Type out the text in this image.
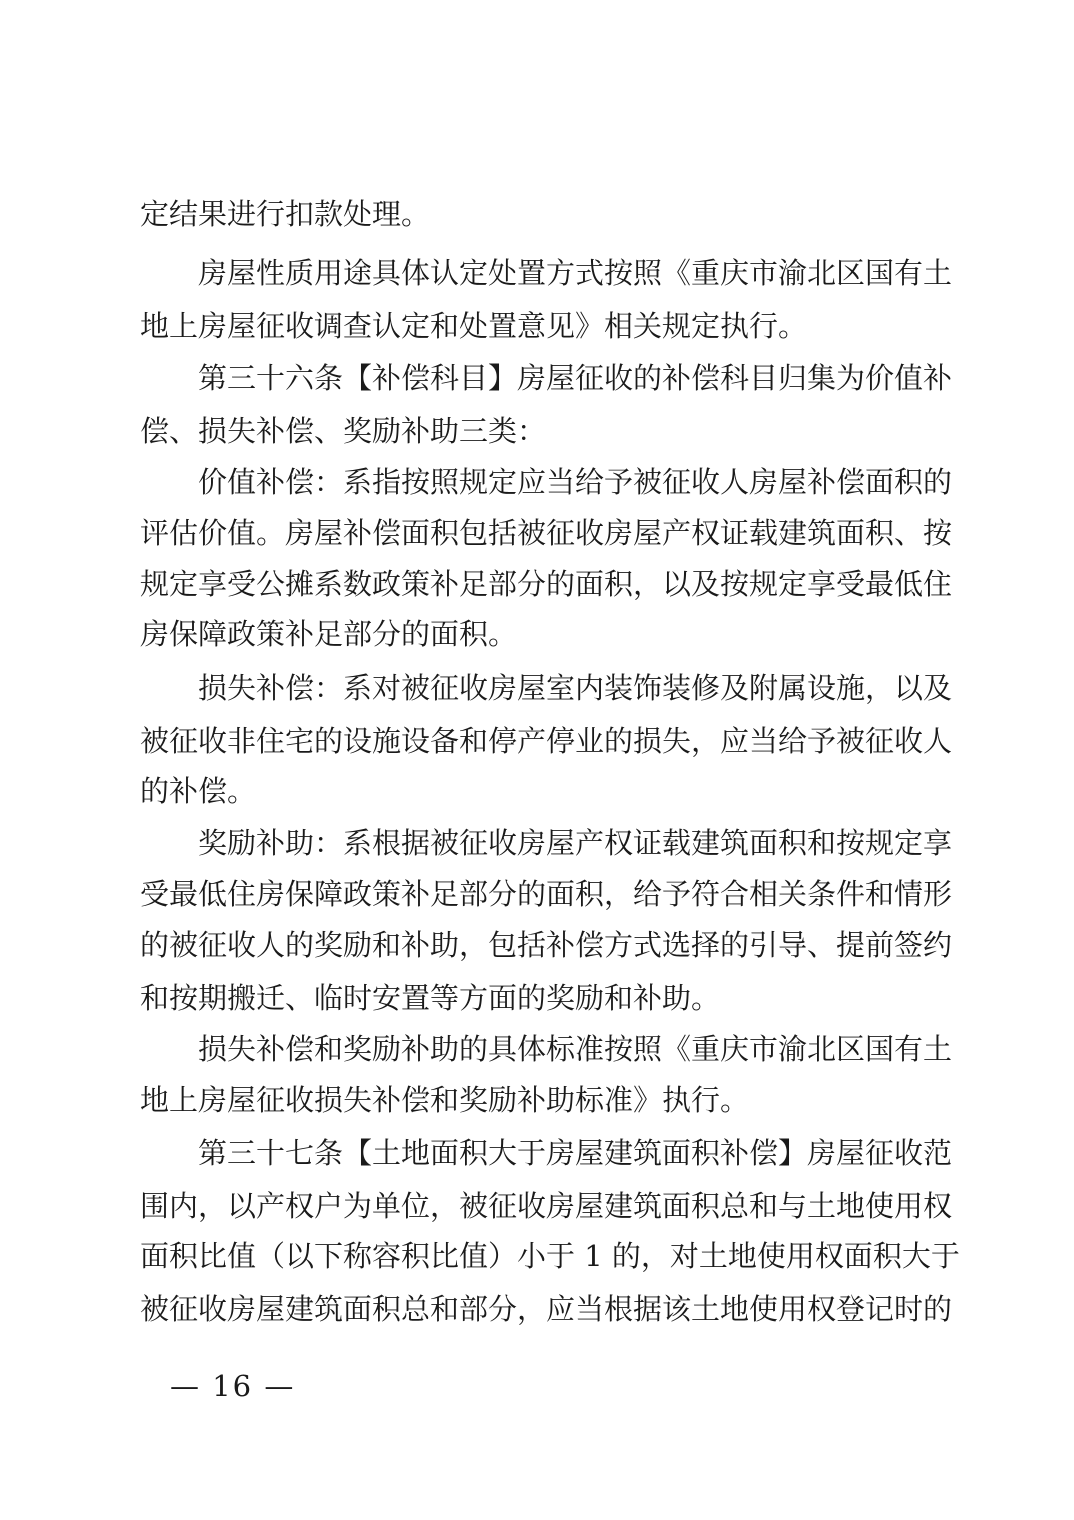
定结果进行扣款处理。
房屋性质用途具体认定处置方式按照《重庆市渝北区国有土
地上房屋征收调查认定和处置意见》相关规定执行。
第三十六条【补偿科目】房屋征收的补偿科目归集为价值补
偿、损失补偿、奖励补助三类：
价值补偿：系指按照规定应当给予被征收人房屋补偿面积的
评估价值。房屋补偿面积包括被征收房屋产权证载建筑面积、按
规定享受公摊系数政策补足部分的面积，以及按规定享受最低住
房保障政策补足部分的面积。
损失补偿：系对被征收房屋室内装饰装修及附属设施，以及
被征收非住宅的设施设备和停产停业的损失，应当给予被征收人
的补偿。
奖励补助：系根据被征收房屋产权证载建筑面积和按规定享
受最低住房保障政策补足部分的面积，给予符合相关条件和情形
的被征收人的奖励和补助，包括补偿方式选择的引导、提前签约
和按期搬迁、临时安置等方面的奖励和补助。
损失补偿和奖励补助的具体标准按照《重庆市渝北区国有土
地上房屋征收损失补偿和奖励补助标准》执行。
第三十七条【土地面积大于房屋建筑面积补偿】房屋征收范
围内，以产权户为单位，被征收房屋建筑面积总和与土地使用权
面积比值（以下称容积比值）小于 1 的，对土地使用权面积大于
被征收房屋建筑面积总和部分，应当根据该土地使用权登记时的
— 16 —
